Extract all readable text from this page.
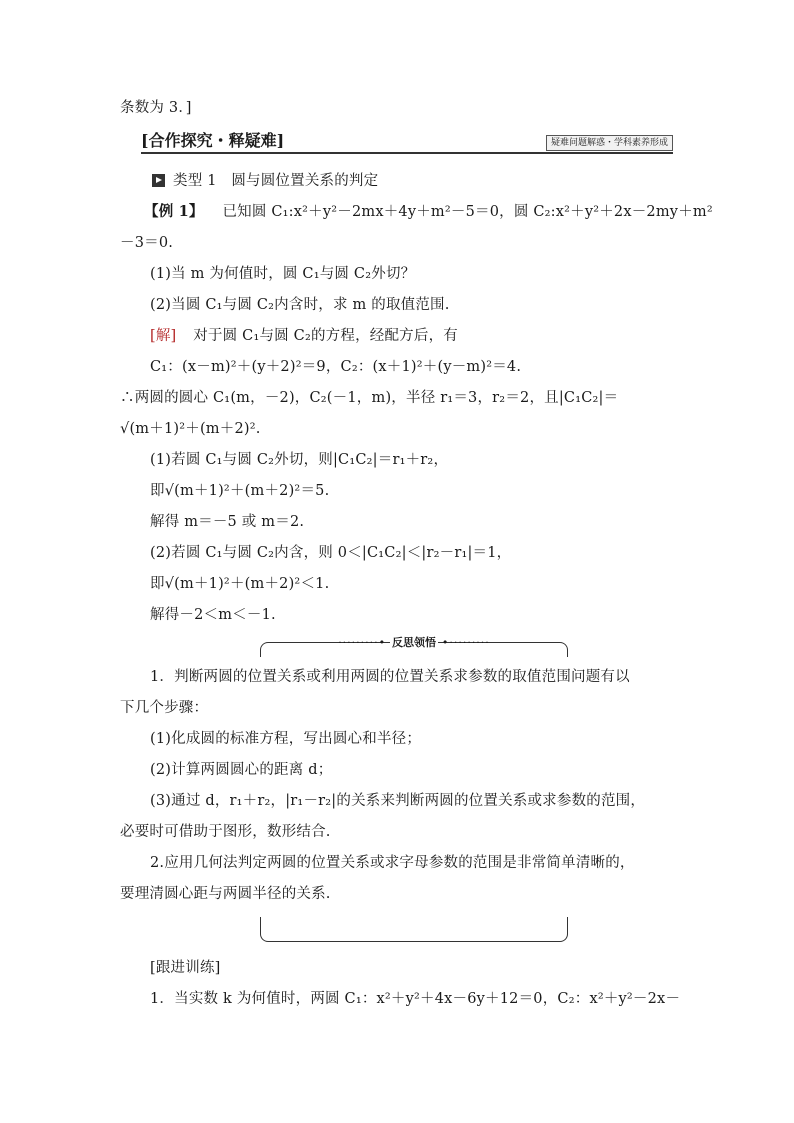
条数为 3．]
[合作探究・释疑难]	疑难问题解惑・学科素养形成
类型 1　圆与圆位置关系的判定
【例 1】 已知圆 C₁:x²＋y²－2mx＋4y＋m²－5＝0，圆 C₂:x²＋y²＋2x－2my＋m²
－3＝0.
(1)当 m 为何值时，圆 C₁与圆 C₂外切？
(2)当圆 C₁与圆 C₂内含时，求 m 的取值范围.
[解] 对于圆 C₁与圆 C₂的方程，经配方后，有
C₁：(x－m)²＋(y＋2)²＝9，C₂：(x＋1)²＋(y－m)²＝4.
∴两圆的圆心 C₁(m，－2)，C₂(－1，m)，半径 r₁＝3，r₂＝2，且|C₁C₂|＝
√(m＋1)²＋(m＋2)².
(1)若圆 C₁与圆 C₂外切，则|C₁C₂|＝r₁＋r₂，
即√(m＋1)²＋(m＋2)²＝5.
解得 m＝－5 或 m＝2.
(2)若圆 C₁与圆 C₂内含，则 0＜|C₁C₂|＜|r₂－r₁|＝1，
即√(m＋1)²＋(m＋2)²＜1.
解得－2＜m＜－1.
·········• 反思领悟 •·········
1．判断两圆的位置关系或利用两圆的位置关系求参数的取值范围问题有以
下几个步骤：
(1)化成圆的标准方程，写出圆心和半径；
(2)计算两圆圆心的距离 d；
(3)通过 d，r₁＋r₂，|r₁－r₂|的关系来判断两圆的位置关系或求参数的范围，
必要时可借助于图形，数形结合.
2.应用几何法判定两圆的位置关系或求字母参数的范围是非常简单清晰的，
要理清圆心距与两圆半径的关系.
[跟进训练]
1．当实数 k 为何值时，两圆 C₁：x²＋y²＋4x－6y＋12＝0，C₂：x²＋y²－2x－
